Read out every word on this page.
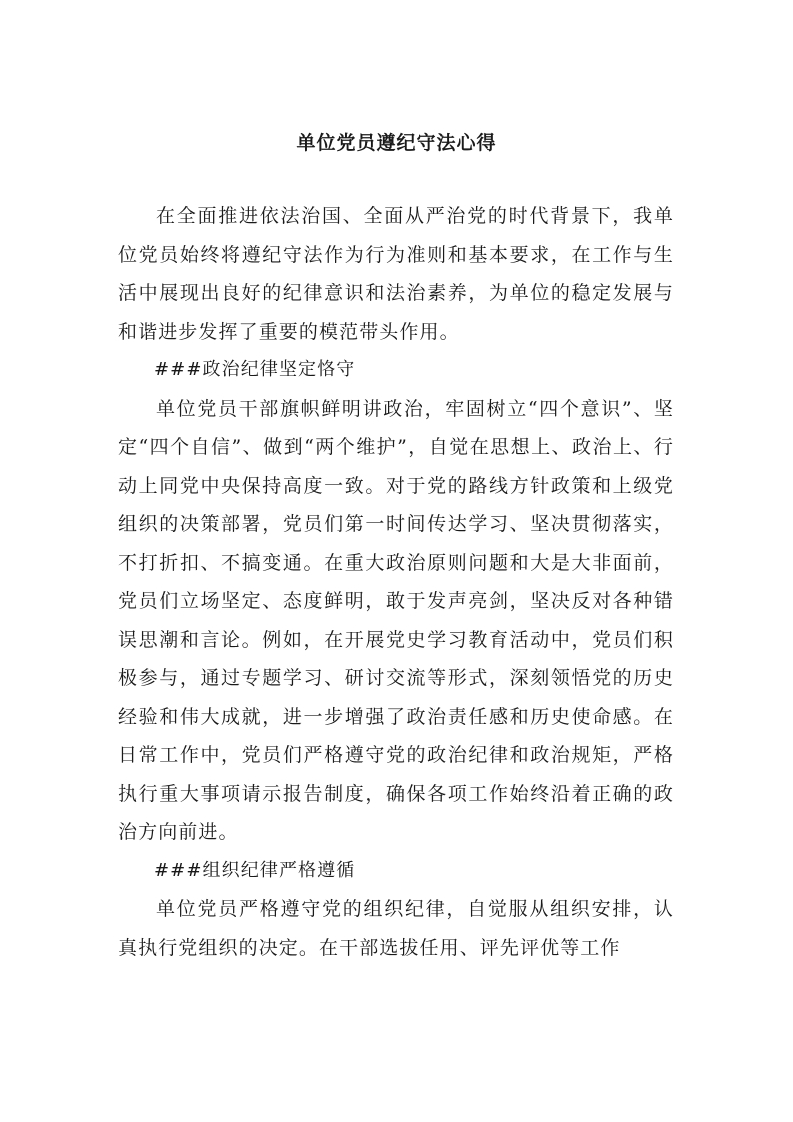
单位党员遵纪守法心得

在全面推进依法治国、全面从严治党的时代背景下，我单位党员始终将遵纪守法作为行为准则和基本要求，在工作与生活中展现出良好的纪律意识和法治素养，为单位的稳定发展与和谐进步发挥了重要的模范带头作用。

###政治纪律坚定恪守

单位党员干部旗帜鲜明讲政治，牢固树立“四个意识”、坚定“四个自信”、做到“两个维护”，自觉在思想上、政治上、行动上同党中央保持高度一致。对于党的路线方针政策和上级党组织的决策部署，党员们第一时间传达学习、坚决贯彻落实，不打折扣、不搞变通。在重大政治原则问题和大是大非面前，党员们立场坚定、态度鲜明，敢于发声亮剑，坚决反对各种错误思潮和言论。例如，在开展党史学习教育活动中，党员们积极参与，通过专题学习、研讨交流等形式，深刻领悟党的历史经验和伟大成就，进一步增强了政治责任感和历史使命感。在日常工作中，党员们严格遵守党的政治纪律和政治规矩，严格执行重大事项请示报告制度，确保各项工作始终沿着正确的政治方向前进。

###组织纪律严格遵循

单位党员严格遵守党的组织纪律，自觉服从组织安排，认真执行党组织的决定。在干部选拔任用、评先评优等工作
